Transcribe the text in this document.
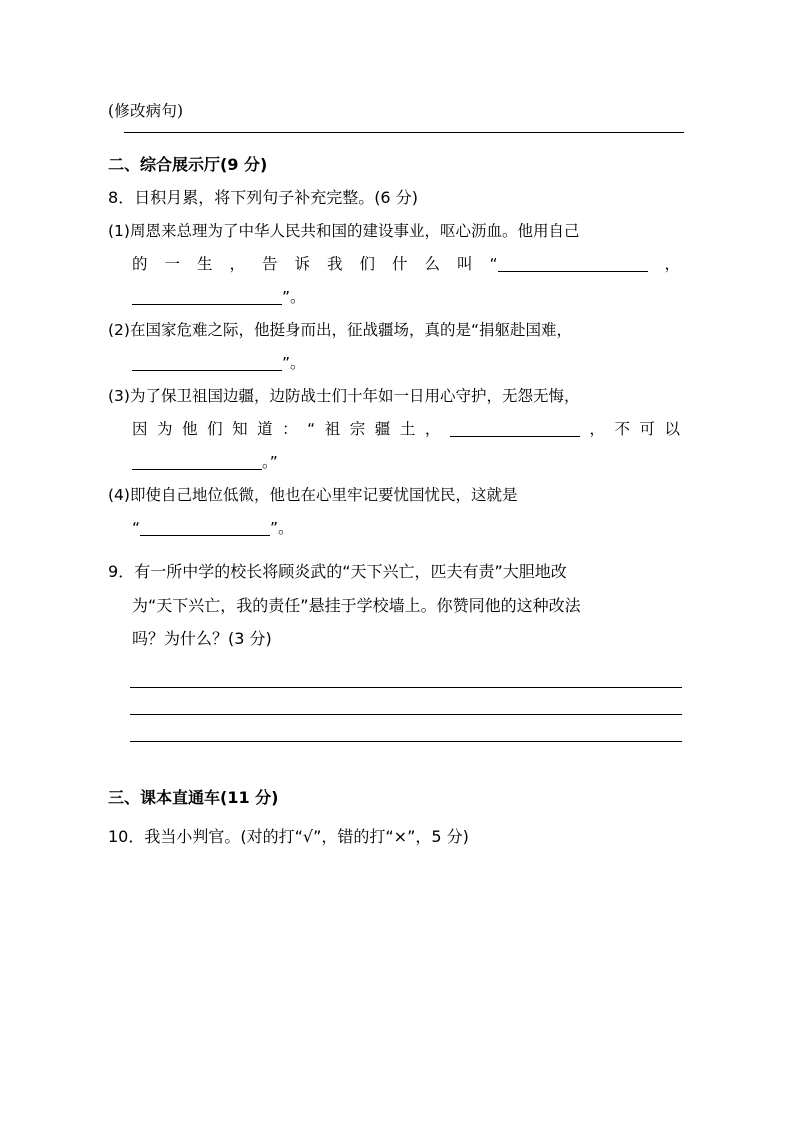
(修改病句)
二、综合展示厅(9 分)
8．日积月累，将下列句子补充完整。(6 分)
(1)周恩来总理为了中华人民共和国的建设事业，呕心沥血。他用自己
的一生，告诉我们什么叫“	，
”。
(2)在国家危难之际，他挺身而出，征战疆场，真的是“捐躯赴国难，
”。
(3)为了保卫祖国边疆，边防战士们十年如一日用心守护，无怨无悔，
因为他们知道：“祖宗疆土，	，不可以
。”
(4)即使自己地位低微，他也在心里牢记要忧国忧民，这就是
“	”。
9．有一所中学的校长将顾炎武的“天下兴亡，匹夫有责”大胆地改
为“天下兴亡，我的责任”悬挂于学校墙上。你赞同他的这种改法
吗？为什么？(3 分)
三、课本直通车(11 分)
10．我当小判官。(对的打“√”，错的打“×”，5 分)
